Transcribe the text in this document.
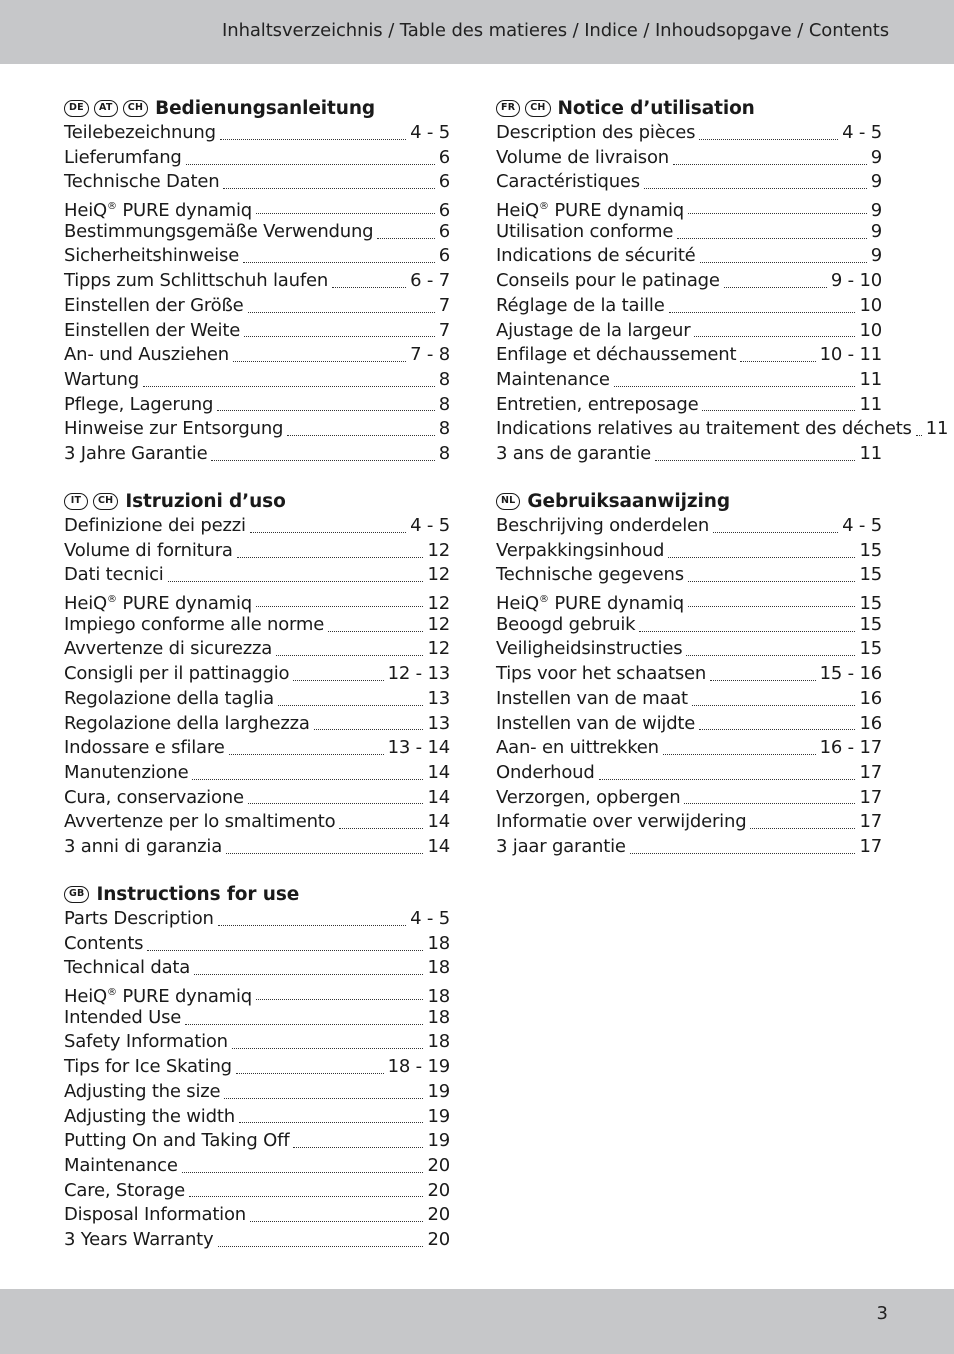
Inhaltsverzeichnis / Table des matieres / Indice / Inhoudsopgave / Contents
DE	AT	CH Bedienungsanleitung
Teilebezeichnung	4 - 5
Lieferumfang	6
Technische Daten	6
HeiQ® PURE dynamiq	6
Bestimmungsgemäße Verwendung	6
Sicherheitshinweise	6
Tipps zum Schlittschuh laufen	6 - 7
Einstellen der Größe	7
Einstellen der Weite	7
An- und Ausziehen	7 - 8
Wartung	8
Pflege, Lagerung	8
Hinweise zur Entsorgung	8
3 Jahre Garantie	8
FR	CH Notice d’utilisation
Description des pièces	4 - 5
Volume de livraison	9
Caractéristiques	9
HeiQ® PURE dynamiq	9
Utilisation conforme	9
Indications de sécurité	9
Conseils pour le patinage	9 - 10
Réglage de la taille	10
Ajustage de la largeur	10
Enfilage et déchaussement	10 - 11
Maintenance	11
Entretien, entreposage	11
Indications relatives au traitement des déchets 11
3 ans de garantie	11
IT	CH Istruzioni d’uso
Definizione dei pezzi	4 - 5
Volume di fornitura	12
Dati tecnici	12
HeiQ® PURE dynamiq	12
Impiego conforme alle norme	12
Avvertenze di sicurezza	12
Consigli per il pattinaggio	12 - 13
Regolazione della taglia	13
Regolazione della larghezza	13
Indossare e sfilare	13 - 14
Manutenzione	14
Cura, conservazione	14
Avvertenze per lo smaltimento	14
3 anni di garanzia	14
NL Gebruiksaanwijzing
Beschrijving onderdelen	4 - 5
Verpakkingsinhoud	15
Technische gegevens	15
HeiQ® PURE dynamiq	15
Beoogd gebruik	15
Veiligheidsinstructies	15
Tips voor het schaatsen	15 - 16
Instellen van de maat	16
Instellen van de wijdte	16
Aan- en uittrekken	16 - 17
Onderhoud	17
Verzorgen, opbergen	17
Informatie over verwijdering	17
3 jaar garantie	17
GB Instructions for use
Parts Description	4 - 5
Contents	18
Technical data	18
HeiQ® PURE dynamiq	18
Intended Use	18
Safety Information	18
Tips for Ice Skating	18 - 19
Adjusting the size	19
Adjusting the width	19
Putting On and Taking Off	19
Maintenance	20
Care, Storage	20
Disposal Information	20
3 Years Warranty	20
3
